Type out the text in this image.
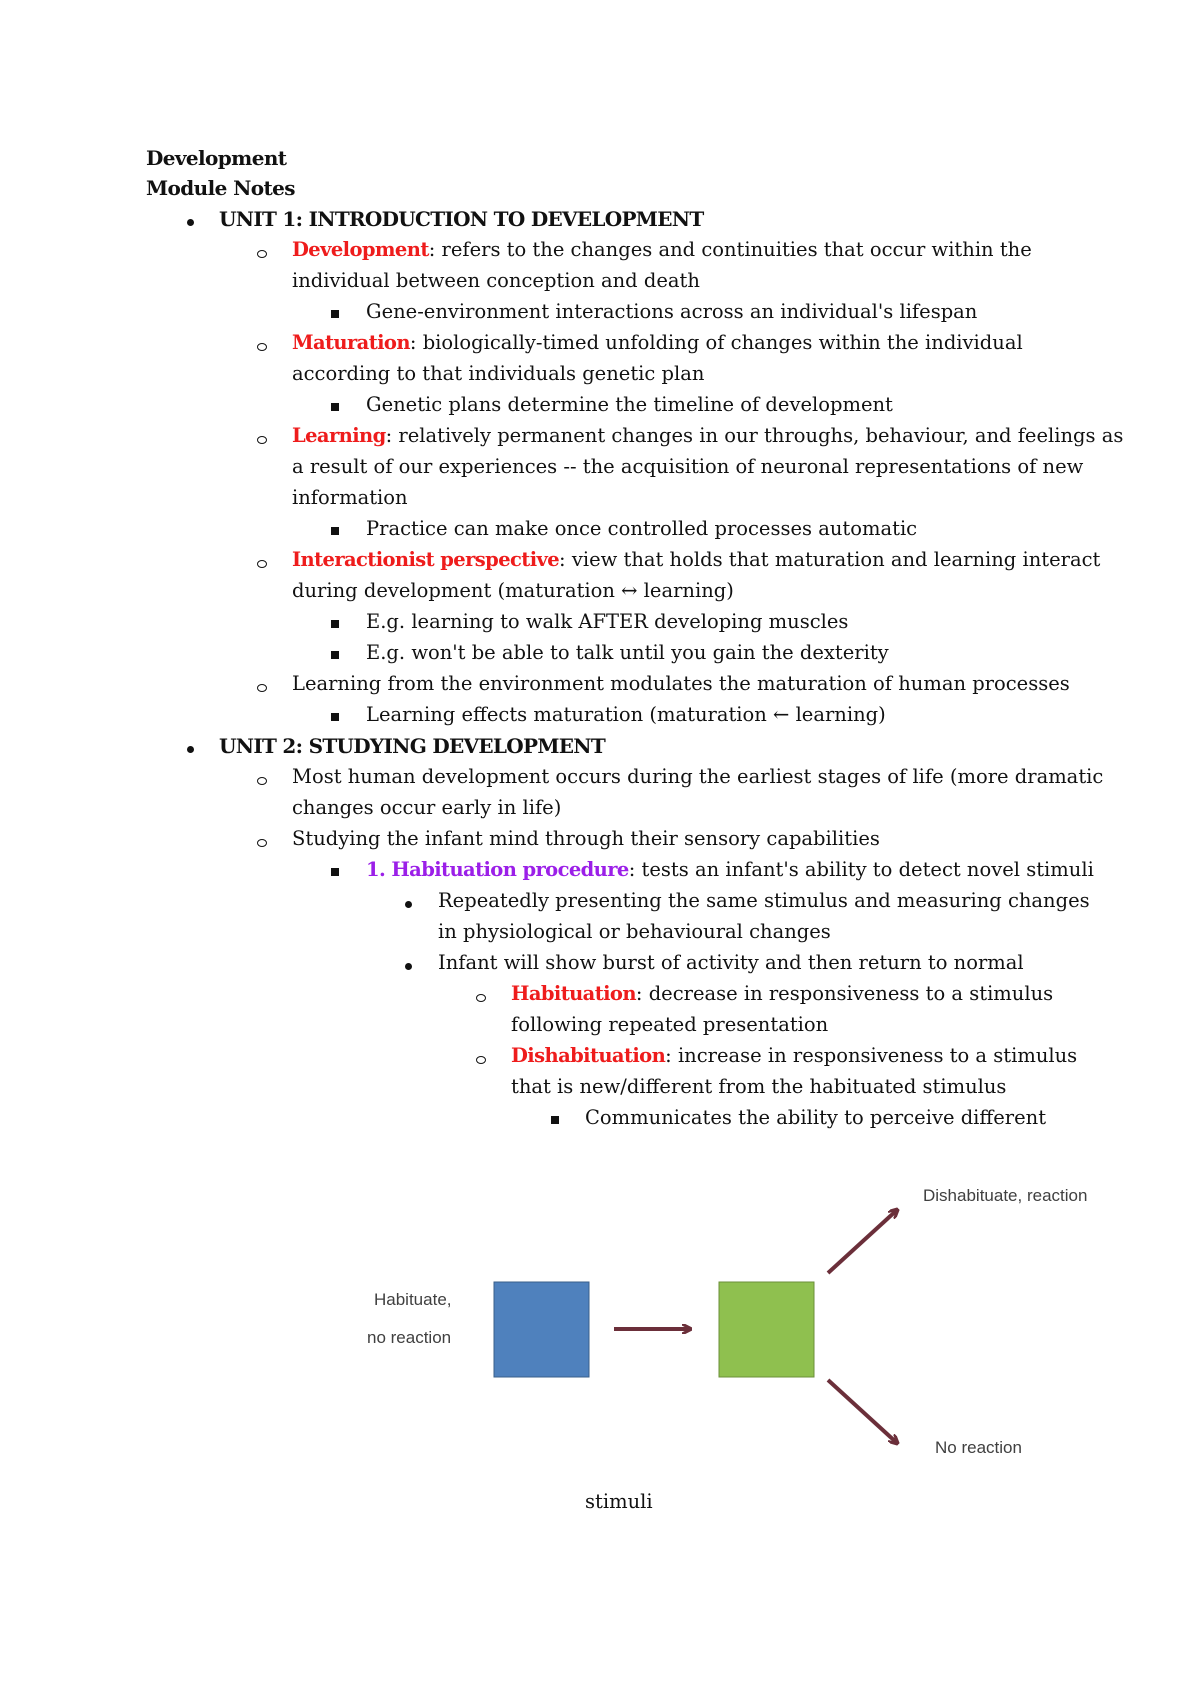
Development
Module Notes
UNIT 1: INTRODUCTION TO DEVELOPMENT
Development: refers to the changes and continuities that occur within the
individual between conception and death
Gene-environment interactions across an individual's lifespan
Maturation: biologically-timed unfolding of changes within the individual
according to that individuals genetic plan
Genetic plans determine the timeline of development
Learning: relatively permanent changes in our throughs, behaviour, and feelings as
a result of our experiences -- the acquisition of neuronal representations of new
information
Practice can make once controlled processes automatic
Interactionist perspective: view that holds that maturation and learning interact
during development (maturation ↔ learning)
E.g. learning to walk AFTER developing muscles
E.g. won't be able to talk until you gain the dexterity
Learning from the environment modulates the maturation of human processes
Learning effects maturation (maturation ← learning)
UNIT 2: STUDYING DEVELOPMENT
Most human development occurs during the earliest stages of life (more dramatic
changes occur early in life)
Studying the infant mind through their sensory capabilities
1. Habituation procedure: tests an infant's ability to detect novel stimuli
Repeatedly presenting the same stimulus and measuring changes
in physiological or behavioural changes
Infant will show burst of activity and then return to normal
Habituation: decrease in responsiveness to a stimulus
following repeated presentation
Dishabituation: increase in responsiveness to a stimulus
that is new/different from the habituated stimulus
Communicates the ability to perceive different
Habituate,
no reaction
Dishabituate, reaction
No reaction
stimuli
